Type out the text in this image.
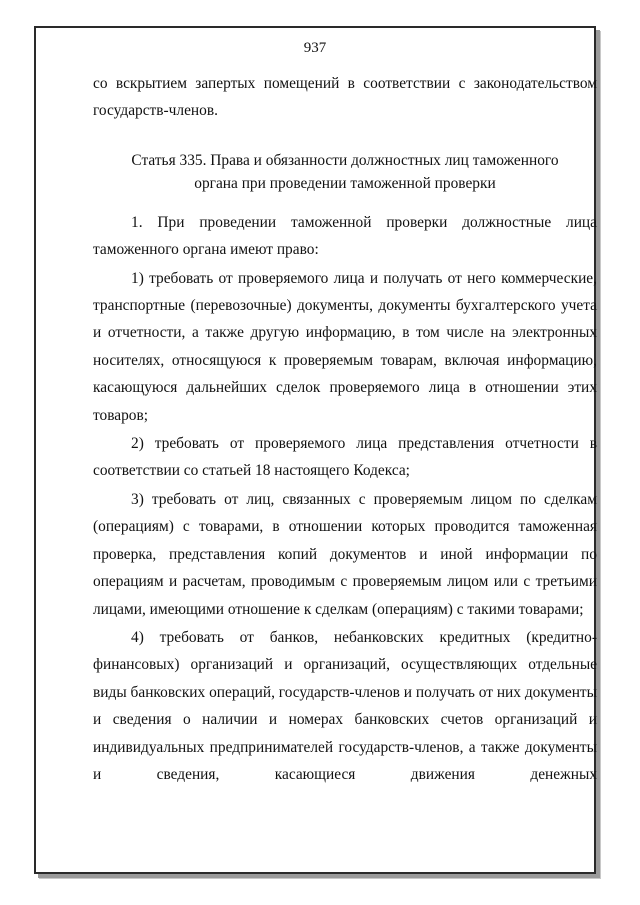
937

со вскрытием запертых помещений в соответствии с законодательством государств-членов.

Статья 335. Права и обязанности должностных лиц таможенного
органа при проведении таможенной проверки

1. При проведении таможенной проверки должностные лица таможенного органа имеют право:

1) требовать от проверяемого лица и получать от него коммерческие, транспортные (перевозочные) документы, документы бухгалтерского учета и отчетности, а также другую информацию, в том числе на электронных носителях, относящуюся к проверяемым товарам, включая информацию, касающуюся дальнейших сделок проверяемого лица в отношении этих товаров;

2) требовать от проверяемого лица представления отчетности в соответствии со статьей 18 настоящего Кодекса;

3) требовать от лиц, связанных с проверяемым лицом по сделкам (операциям) с товарами, в отношении которых проводится таможенная проверка, представления копий документов и иной информации по операциям и расчетам, проводимым с проверяемым лицом или с третьими лицами, имеющими отношение к сделкам (операциям) с такими товарами;

4) требовать от банков, небанковских кредитных (кредитно-финансовых) организаций и организаций, осуществляющих отдельные виды банковских операций, государств-членов и получать от них документы и сведения о наличии и номерах банковских счетов организаций и индивидуальных предпринимателей государств-членов, а также документы и сведения, касающиеся движения денежных
